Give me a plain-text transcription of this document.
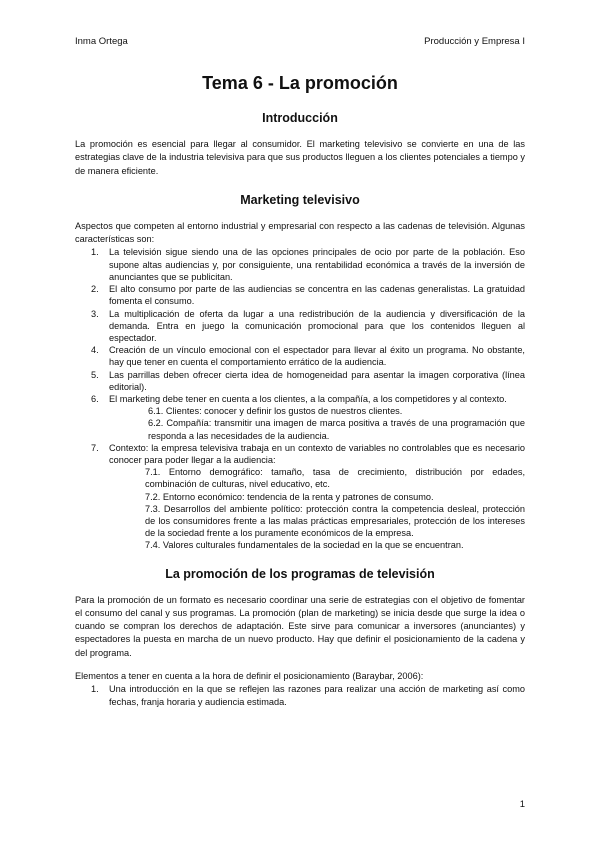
Inma Ortega	Producción y Empresa I
Tema 6 - La promoción
Introducción

La promoción es esencial para llegar al consumidor. El marketing televisivo se convierte en una de las estrategias clave de la industria televisiva para que sus productos lleguen a los clientes potenciales a tiempo y de manera eficiente.

Marketing televisivo

Aspectos que competen al entorno industrial y empresarial con respecto a las cadenas de televisión. Algunas características son:

1. La televisión sigue siendo una de las opciones principales de ocio por parte de la población. Eso supone altas audiencias y, por consiguiente, una rentabilidad económica a través de la inversión de anunciantes que se publicitan.
2. El alto consumo por parte de las audiencias se concentra en las cadenas generalistas. La gratuidad fomenta el consumo.
3. La multiplicación de oferta da lugar a una redistribución de la audiencia y diversificación de la demanda. Entra en juego la comunicación promocional para que los contenidos lleguen al espectador.
4. Creación de un vínculo emocional con el espectador para llevar al éxito un programa. No obstante, hay que tener en cuenta el comportamiento errático de la audiencia.
5. Las parrillas deben ofrecer cierta idea de homogeneidad para asentar la imagen corporativa (línea editorial).
6. El marketing debe tener en cuenta a los clientes, a la compañía, a los competidores y al contexto.
6.1. Clientes: conocer y definir los gustos de nuestros clientes.
6.2. Compañía: transmitir una imagen de marca positiva a través de una programación que responda a las necesidades de la audiencia.
7. Contexto: la empresa televisiva trabaja en un contexto de variables no controlables que es necesario conocer para poder llegar a la audiencia:
7.1. Entorno demográfico: tamaño, tasa de crecimiento, distribución por edades, combinación de culturas, nivel educativo, etc.
7.2. Entorno económico: tendencia de la renta y patrones de consumo.
7.3. Desarrollos del ambiente político: protección contra la competencia desleal, protección de los consumidores frente a las malas prácticas empresariales, protección de los intereses de la sociedad frente a los puramente económicos de la empresa.
7.4. Valores culturales fundamentales de la sociedad en la que se encuentran.
La promoción de los programas de televisión

Para la promoción de un formato es necesario coordinar una serie de estrategias con el objetivo de fomentar el consumo del canal y sus programas. La promoción (plan de marketing) se inicia desde que surge la idea o cuando se compran los derechos de adaptación. Este sirve para comunicar a inversores (anunciantes) y espectadores la puesta en marcha de un nuevo producto. Hay que definir el posicionamiento de la cadena y del programa.

Elementos a tener en cuenta a la hora de definir el posicionamiento (Baraybar, 2006):

1. Una introducción en la que se reflejen las razones para realizar una acción de marketing así como fechas, franja horaria y audiencia estimada.
1
